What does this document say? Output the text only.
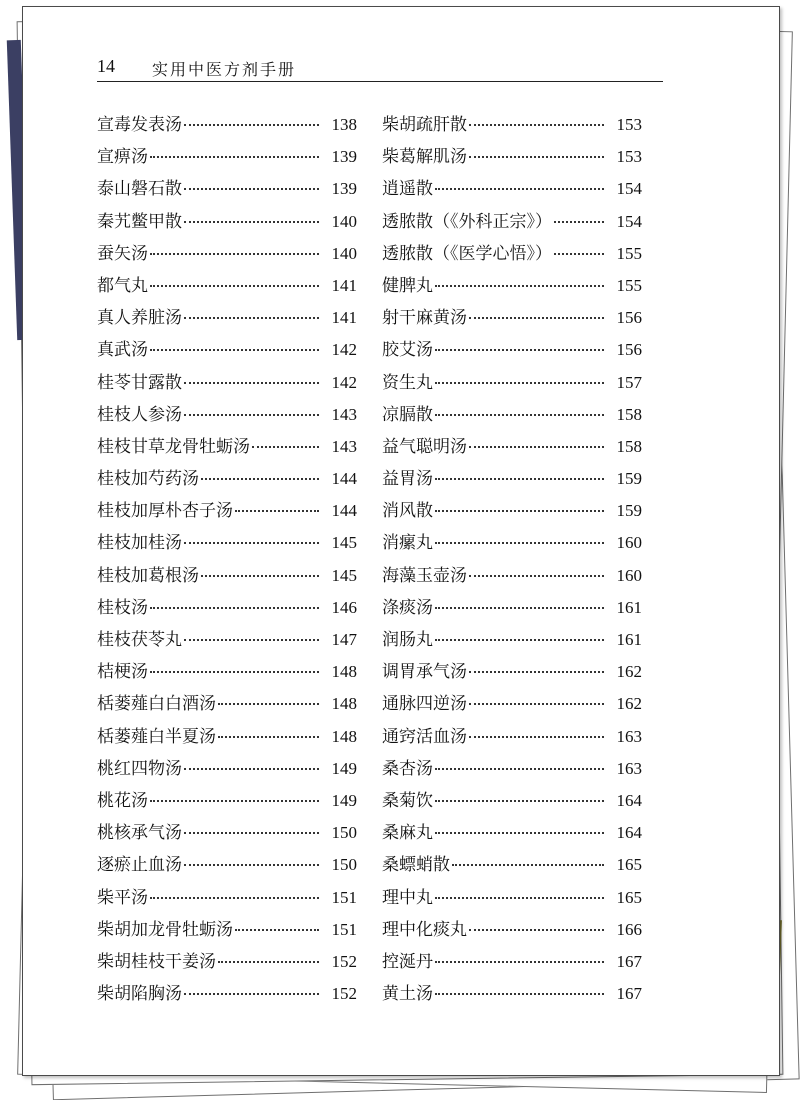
14 实用中医方剂手册
宣毒发表汤	138
宣痹汤	139
泰山磐石散	139
秦艽鳖甲散	140
蚕矢汤	140
都气丸	141
真人养脏汤	141
真武汤	142
桂苓甘露散	142
桂枝人参汤	143
桂枝甘草龙骨牡蛎汤	143
桂枝加芍药汤	144
桂枝加厚朴杏子汤	144
桂枝加桂汤	145
桂枝加葛根汤	145
桂枝汤	146
桂枝茯苓丸	147
桔梗汤	148
栝蒌薤白白酒汤	148
栝蒌薤白半夏汤	148
桃红四物汤	149
桃花汤	149
桃核承气汤	150
逐瘀止血汤	150
柴平汤	151
柴胡加龙骨牡蛎汤	151
柴胡桂枝干姜汤	152
柴胡陷胸汤	152
柴胡疏肝散	153
柴葛解肌汤	153
逍遥散	154
透脓散（《外科正宗》）	154
透脓散（《医学心悟》）	155
健脾丸	155
射干麻黄汤	156
胶艾汤	156
资生丸	157
凉膈散	158
益气聪明汤	158
益胃汤	159
消风散	159
消瘰丸	160
海藻玉壶汤	160
涤痰汤	161
润肠丸	161
调胃承气汤	162
通脉四逆汤	162
通窍活血汤	163
桑杏汤	163
桑菊饮	164
桑麻丸	164
桑螵蛸散	165
理中丸	165
理中化痰丸	166
控涎丹	167
黄土汤	167
